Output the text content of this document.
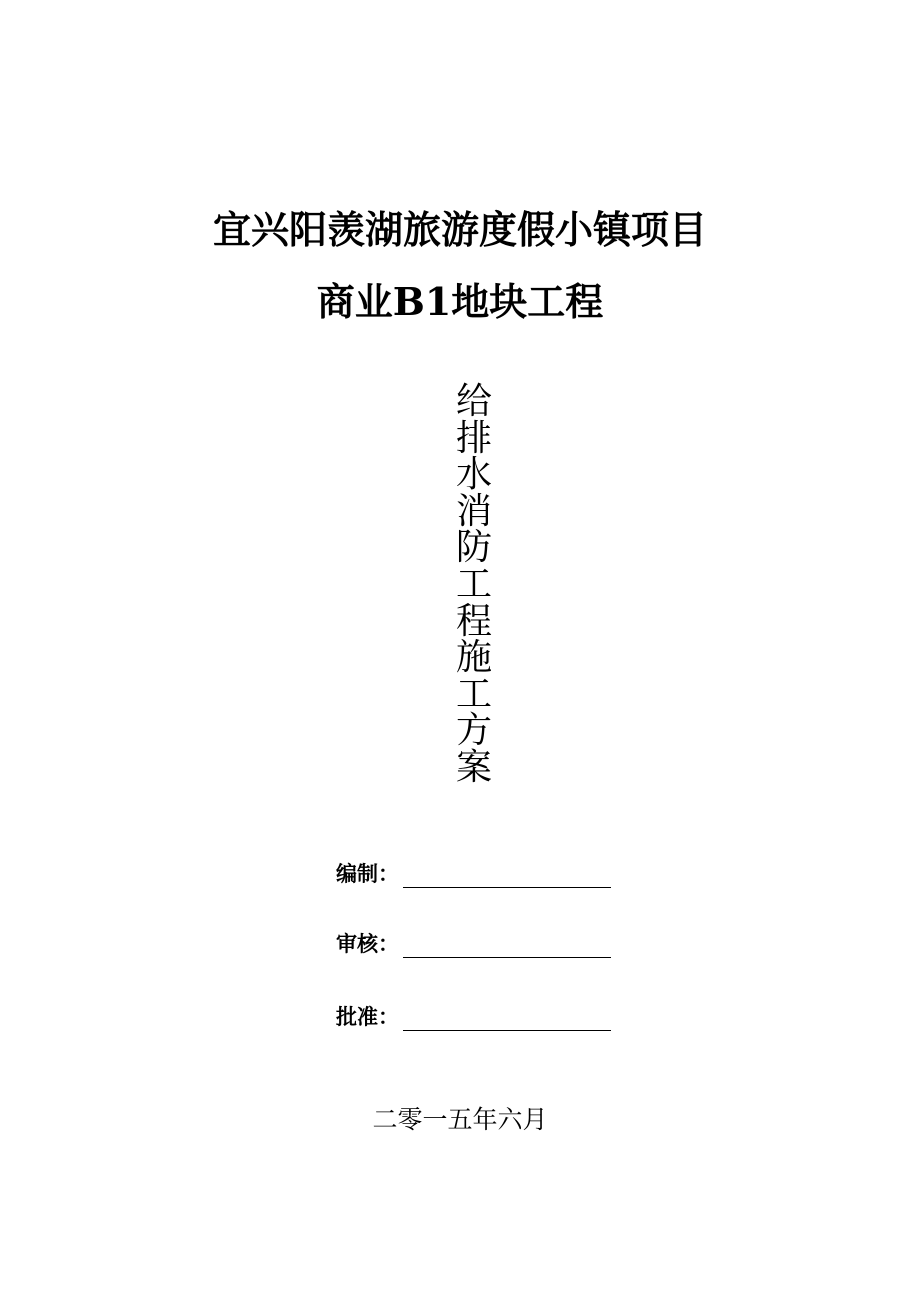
宜兴阳羡湖旅游度假小镇项目
商业B1地块工程
给
排
水
消
防
工
程
施
工
方
案
编制：
审核：
批准：
二零一五年六月
